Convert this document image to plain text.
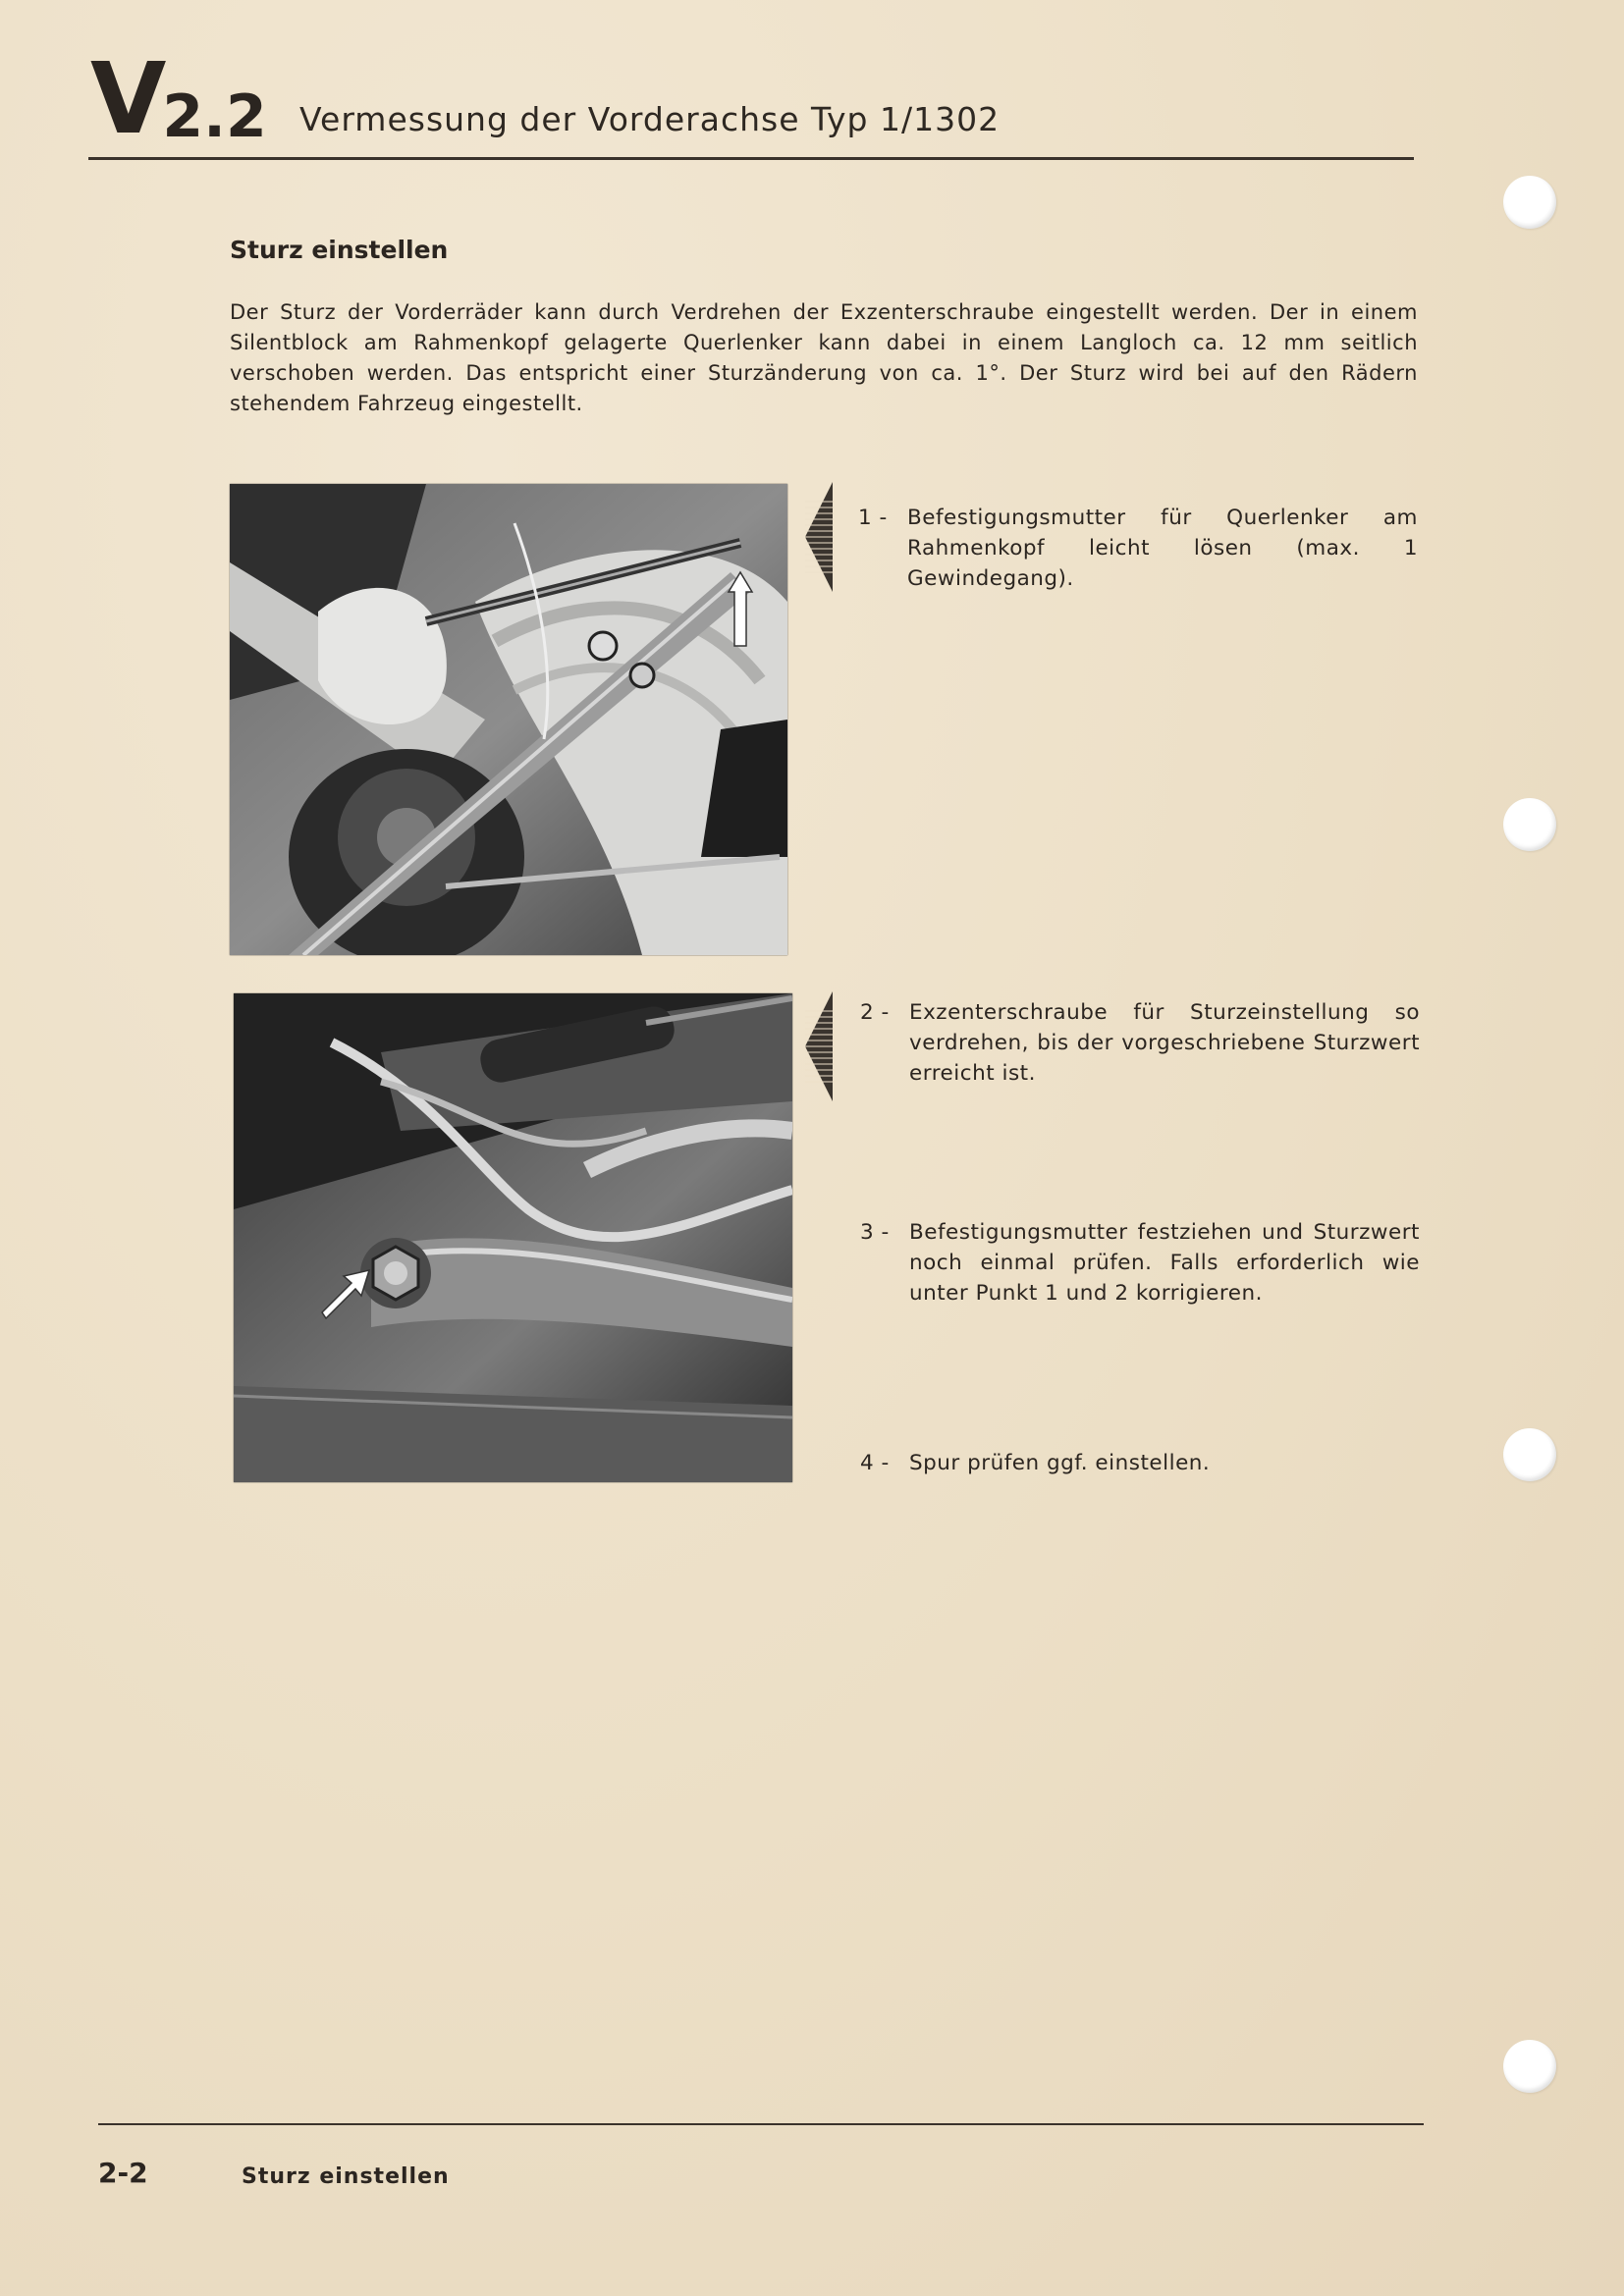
V2.2 Vermessung der Vorderachse Typ 1/1302
Sturz einstellen
Der Sturz der Vorderräder kann durch Verdrehen der Exzenterschraube eingestellt werden. Der in einem Silentblock am Rahmenkopf gelagerte Querlenker kann dabei in einem Langloch ca. 12 mm seitlich verschoben werden. Das entspricht einer Sturzänderung von ca. 1°. Der Sturz wird bei auf den Rädern stehendem Fahrzeug eingestellt.
1 - Befestigungsmutter für Querlenker am Rahmenkopf leicht lösen (max. 1 Gewindegang).
2 - Exzenterschraube für Sturzeinstellung so verdrehen, bis der vorgeschriebene Sturzwert erreicht ist.
3 - Befestigungsmutter festziehen und Sturzwert noch einmal prüfen. Falls erforderlich wie unter Punkt 1 und 2 korrigieren.
4 - Spur prüfen ggf. einstellen.
2-2	Sturz einstellen
